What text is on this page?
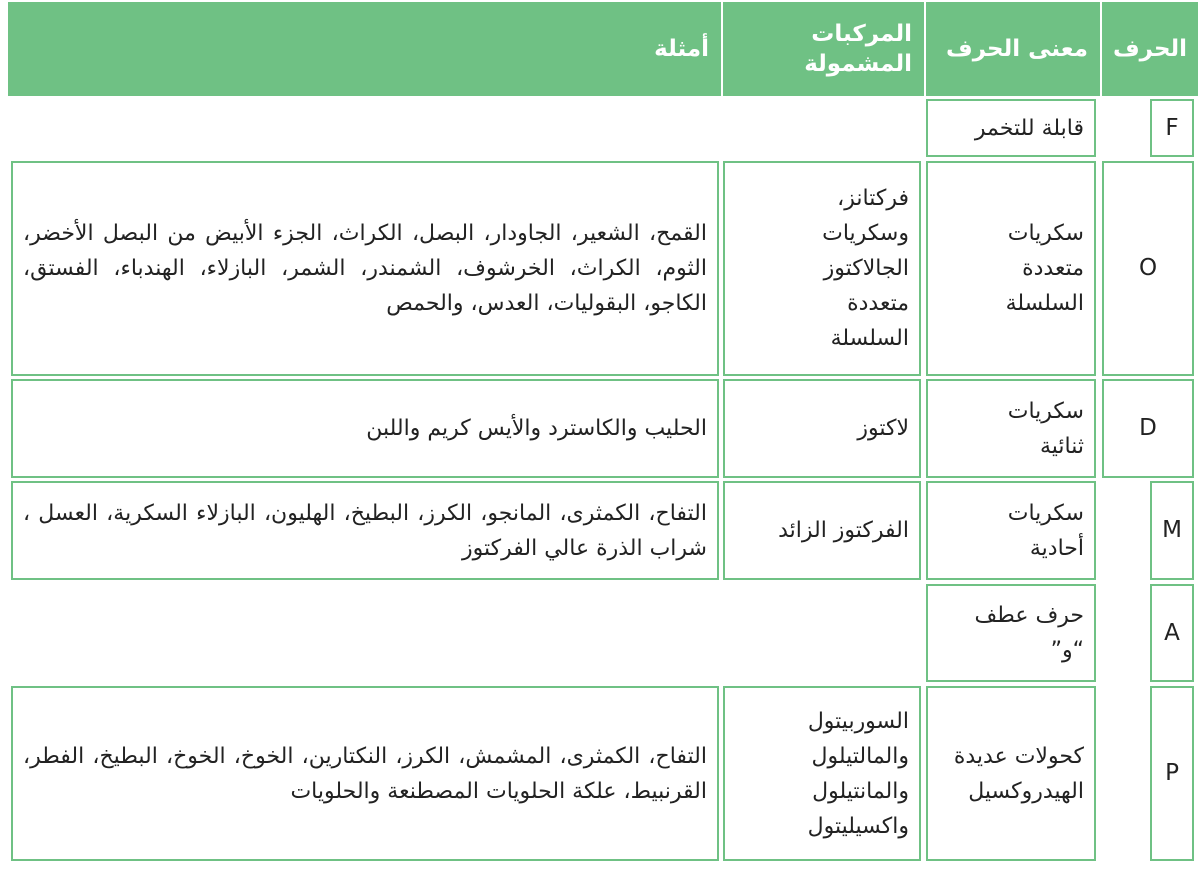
الحرف
معنى الحرف
المركبات المشمولة
أمثلة
F
قابلة للتخمر
O
سكريات متعددة السلسلة
فركتانز، وسكريات الجالاكتوز متعددة السلسلة
القمح، الشعير، الجاودار، البصل، الكراث، الجزء الأبيض من البصل الأخضر، الثوم، الكراث، الخرشوف، الشمندر، الشمر، البازلاء، الهندباء، الفستق، الكاجو، البقوليات، العدس، والحمص
D
سكريات ثنائية
لاكتوز
الحليب والكاسترد والأيس كريم واللبن
M
سكريات أحادية
الفركتوز الزائد
التفاح، الكمثرى، المانجو، الكرز، البطيخ، الهليون، البازلاء السكرية، العسل ، شراب الذرة عالي الفركتوز
A
حرف عطف “و”
P
كحولات عديدة الهيدروكسيل
السوربيتول والمالتيلول والمانتيلول واكسيليتول
التفاح، الكمثرى، المشمش، الكرز، النكتارين، الخوخ، الخوخ، البطيخ، الفطر، القرنبيط، علكة الحلويات المصطنعة والحلويات
